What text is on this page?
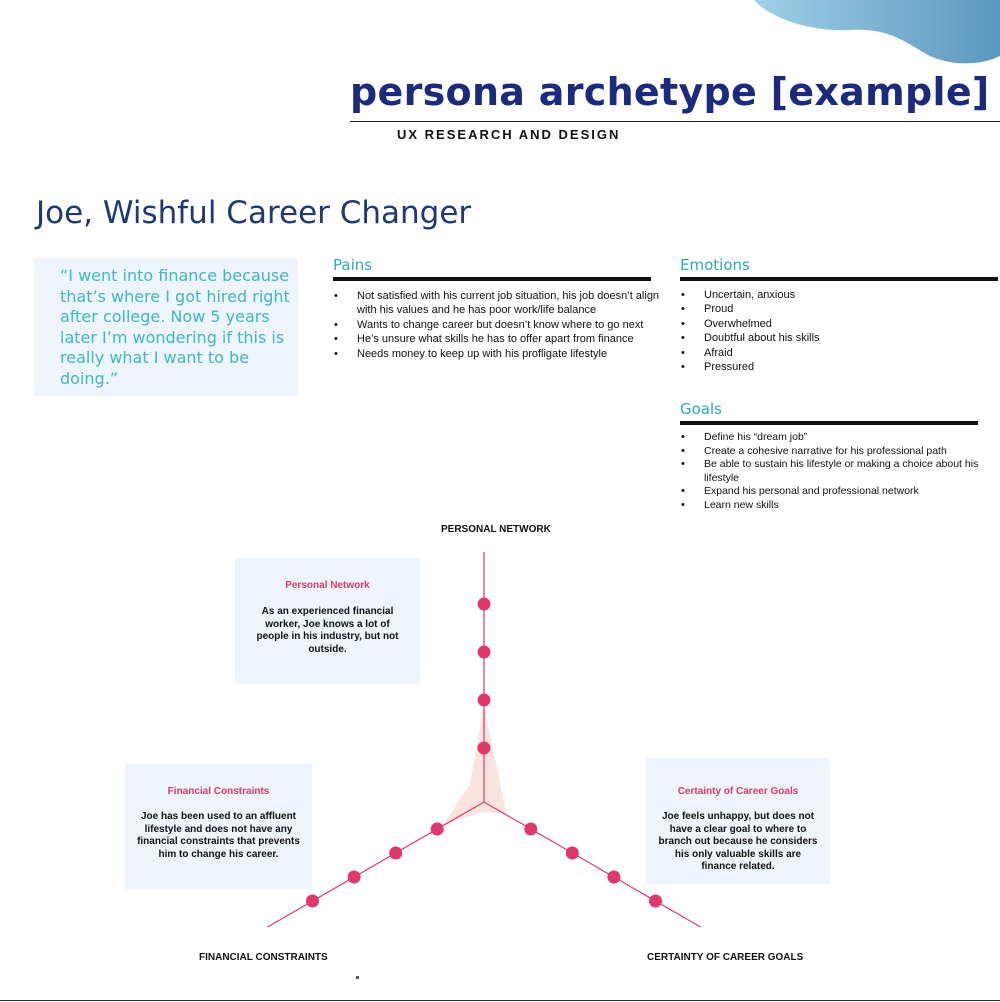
persona archetype [example]
UX RESEARCH AND DESIGN
Joe, Wishful Career Changer

“I went into finance because that’s where I got hired right after college. Now 5 years later I’m wondering if this is really what I want to be doing.”

Pains
• Not satisfied with his current job situation, his job doesn’t align with his values and he has poor work/life balance
• Wants to change career but doesn’t know where to go next
• He’s unsure what skills he has to offer apart from finance
• Needs money to keep up with his profligate lifestyle
Emotions
• Uncertain, anxious
• Proud
• Overwhelmed
• Doubtful about his skills
• Afraid
• Pressured
Goals
• Define his “dream job”
• Create a cohesive narrative for his professional path
• Be able to sustain his lifestyle or making a choice about his lifestyle
• Expand his personal and professional network
• Learn new skills
PERSONAL NETWORK
FINANCIAL CONSTRAINTS	CERTAINTY OF CAREER GOALS

Personal Network

As an experienced financial worker, Joe knows a lot of people in his industry, but not outside.

Financial Constraints

Joe has been used to an affluent lifestyle and does not have any financial constraints that prevents him to change his career.

Certainty of Career Goals

Joe feels unhappy, but does not have a clear goal to where to branch out because he considers his only valuable skills are finance related.
